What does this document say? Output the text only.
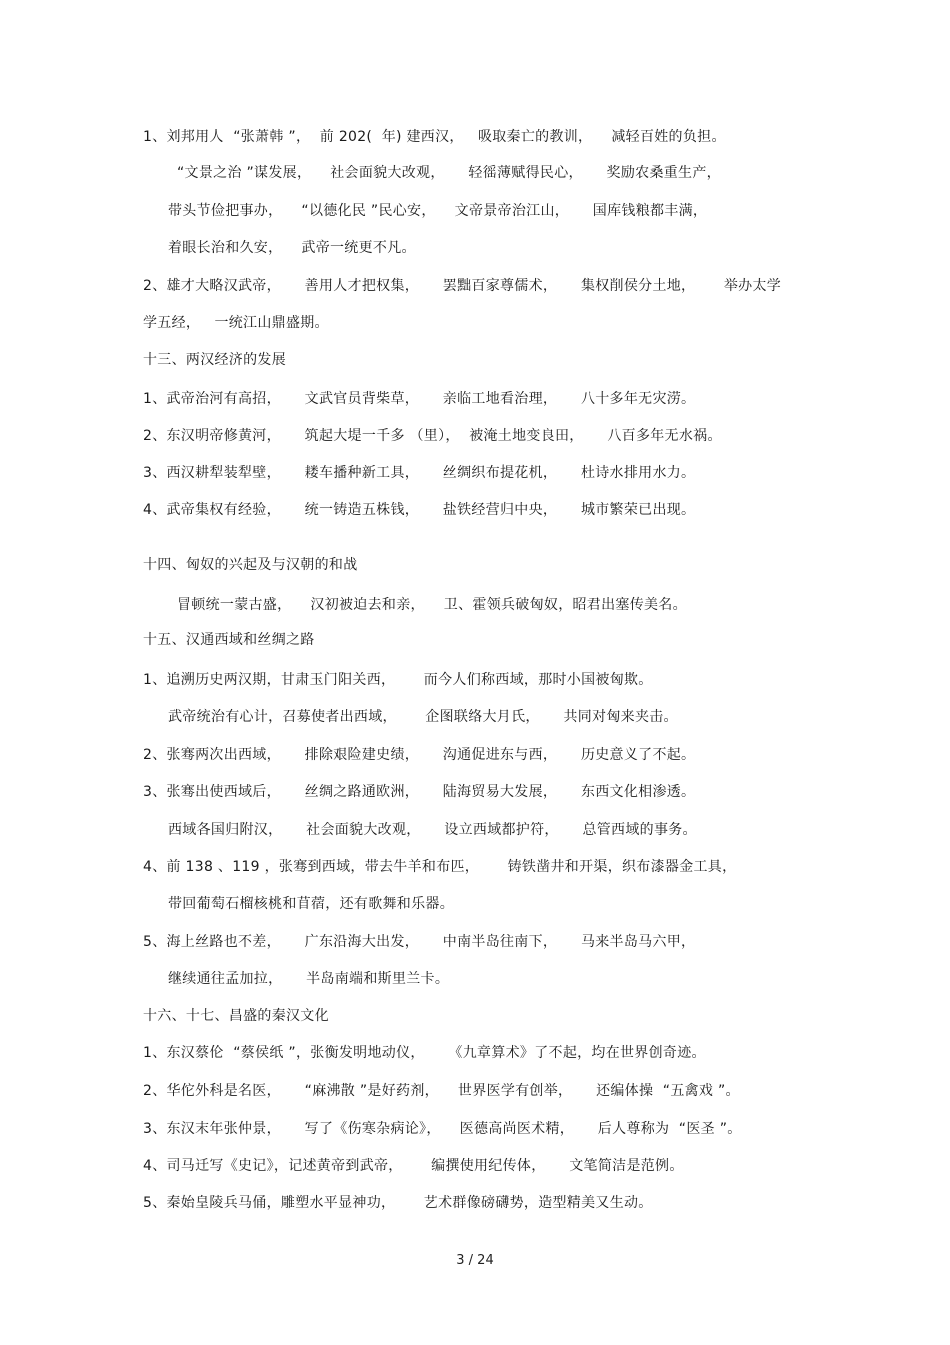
1、刘邦用人  “张萧韩 ”，  前 202(  年) 建西汉，   吸取秦亡的教训，    减轻百姓的负担。
“文景之治 ”谋发展，    社会面貌大改观，     轻徭薄赋得民心，     奖励农桑重生产，
带头节俭把事办，    “以德化民 ”民心安，    文帝景帝治江山，     国库钱粮都丰满，
着眼长治和久安，    武帝一统更不凡。
2、雄才大略汉武帝，     善用人才把权集，     罢黜百家尊儒术，     集权削侯分土地，      举办太学
学五经，   一统江山鼎盛期。
十三、两汉经济的发展
1、武帝治河有高招，     文武官员背柴草，     亲临工地看治理，     八十多年无灾涝。
2、东汉明帝修黄河，     筑起大堤一千多 （里），  被淹土地变良田，     八百多年无水祸。
3、西汉耕犁装犁壁，     耧车播种新工具，     丝绸织布提花机，     杜诗水排用水力。
4、武帝集权有经验，     统一铸造五株钱，     盐铁经营归中央，     城市繁荣已出现。
十四、匈奴的兴起及与汉朝的和战
冒顿统一蒙古盛，    汉初被迫去和亲，    卫、霍领兵破匈奴，昭君出塞传美名。
十五、汉通西域和丝绸之路
1、追溯历史两汉期，甘肃玉门阳关西，      而今人们称西域，那时小国被匈欺。
武帝统治有心计，召募使者出西域，      企图联络大月氏，     共同对匈来夹击。
2、张骞两次出西域，     排除艰险建史绩，     沟通促进东与西，     历史意义了不起。
3、张骞出使西域后，     丝绸之路通欧洲，     陆海贸易大发展，     东西文化相渗透。
西域各国归附汉，     社会面貌大改观，     设立西域都护符，     总管西域的事务。
4、前 138 、119 ，张骞到西域，带去牛羊和布匹，      铸铁凿井和开渠，织布漆器金工具，
带回葡萄石榴核桃和苜蓿，还有歌舞和乐器。
5、海上丝路也不差，     广东沿海大出发，     中南半岛往南下，     马来半岛马六甲，
继续通往孟加拉，     半岛南端和斯里兰卡。
十六、十七、昌盛的秦汉文化
1、东汉蔡伦  “蔡侯纸 ”，张衡发明地动仪，     《九章算术》了不起，均在世界创奇迹。
2、华佗外科是名医，     “麻沸散 ”是好药剂，    世界医学有创举，     还编体操  “五禽戏 ”。
3、东汉末年张仲景，     写了《伤寒杂病论》，    医德高尚医术精，     后人尊称为  “医圣 ”。
4、司马迁写《史记》，记述黄帝到武帝，      编撰使用纪传体，     文笔简洁是范例。
5、秦始皇陵兵马俑，雕塑水平显神功，      艺术群像磅礴势，造型精美又生动。
3 / 24
